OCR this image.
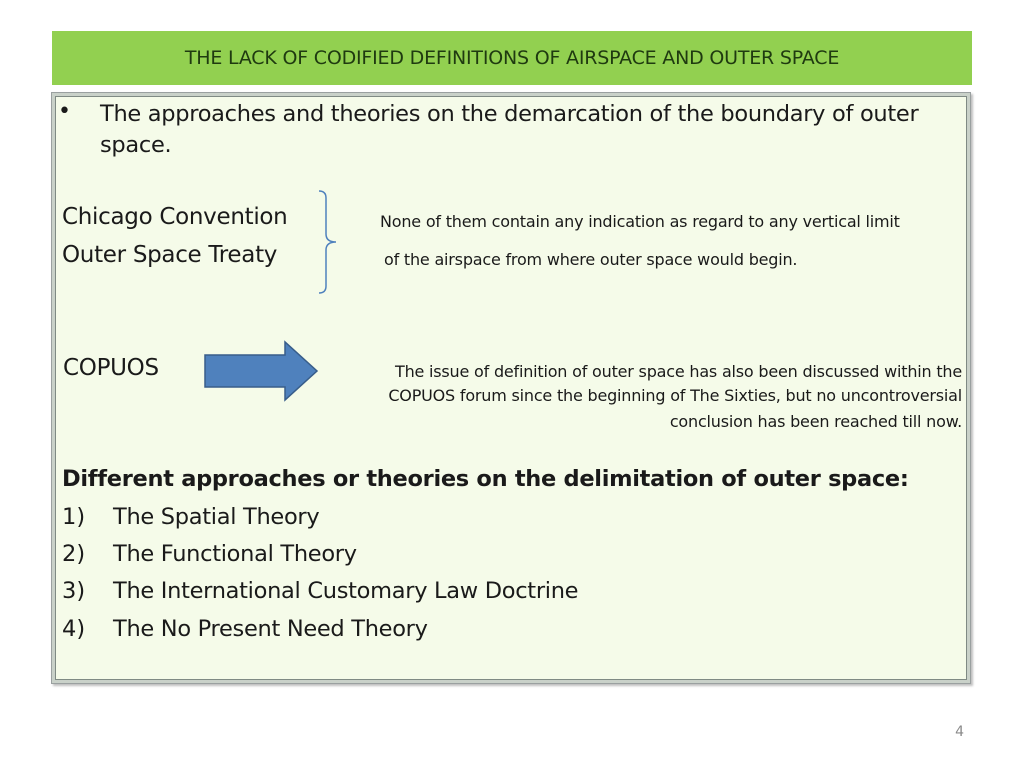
THE LACK OF CODIFIED DEFINITIONS OF AIRSPACE AND OUTER SPACE
• The approaches and theories on the demarcation of the boundary of outer space.
Chicago Convention
Outer Space Treaty
None of them contain any indication as regard to any vertical limit
of the airspace from where outer space would begin.
COPUOS	The issue of definition of outer space has also been discussed within the
COPUOS forum since the beginning of The Sixties, but no uncontroversial
conclusion has been reached till now.
Different approaches or theories on the delimitation of outer space:
1) The Spatial Theory
2) The Functional Theory
3) The International Customary Law Doctrine
4) The No Present Need Theory
4
